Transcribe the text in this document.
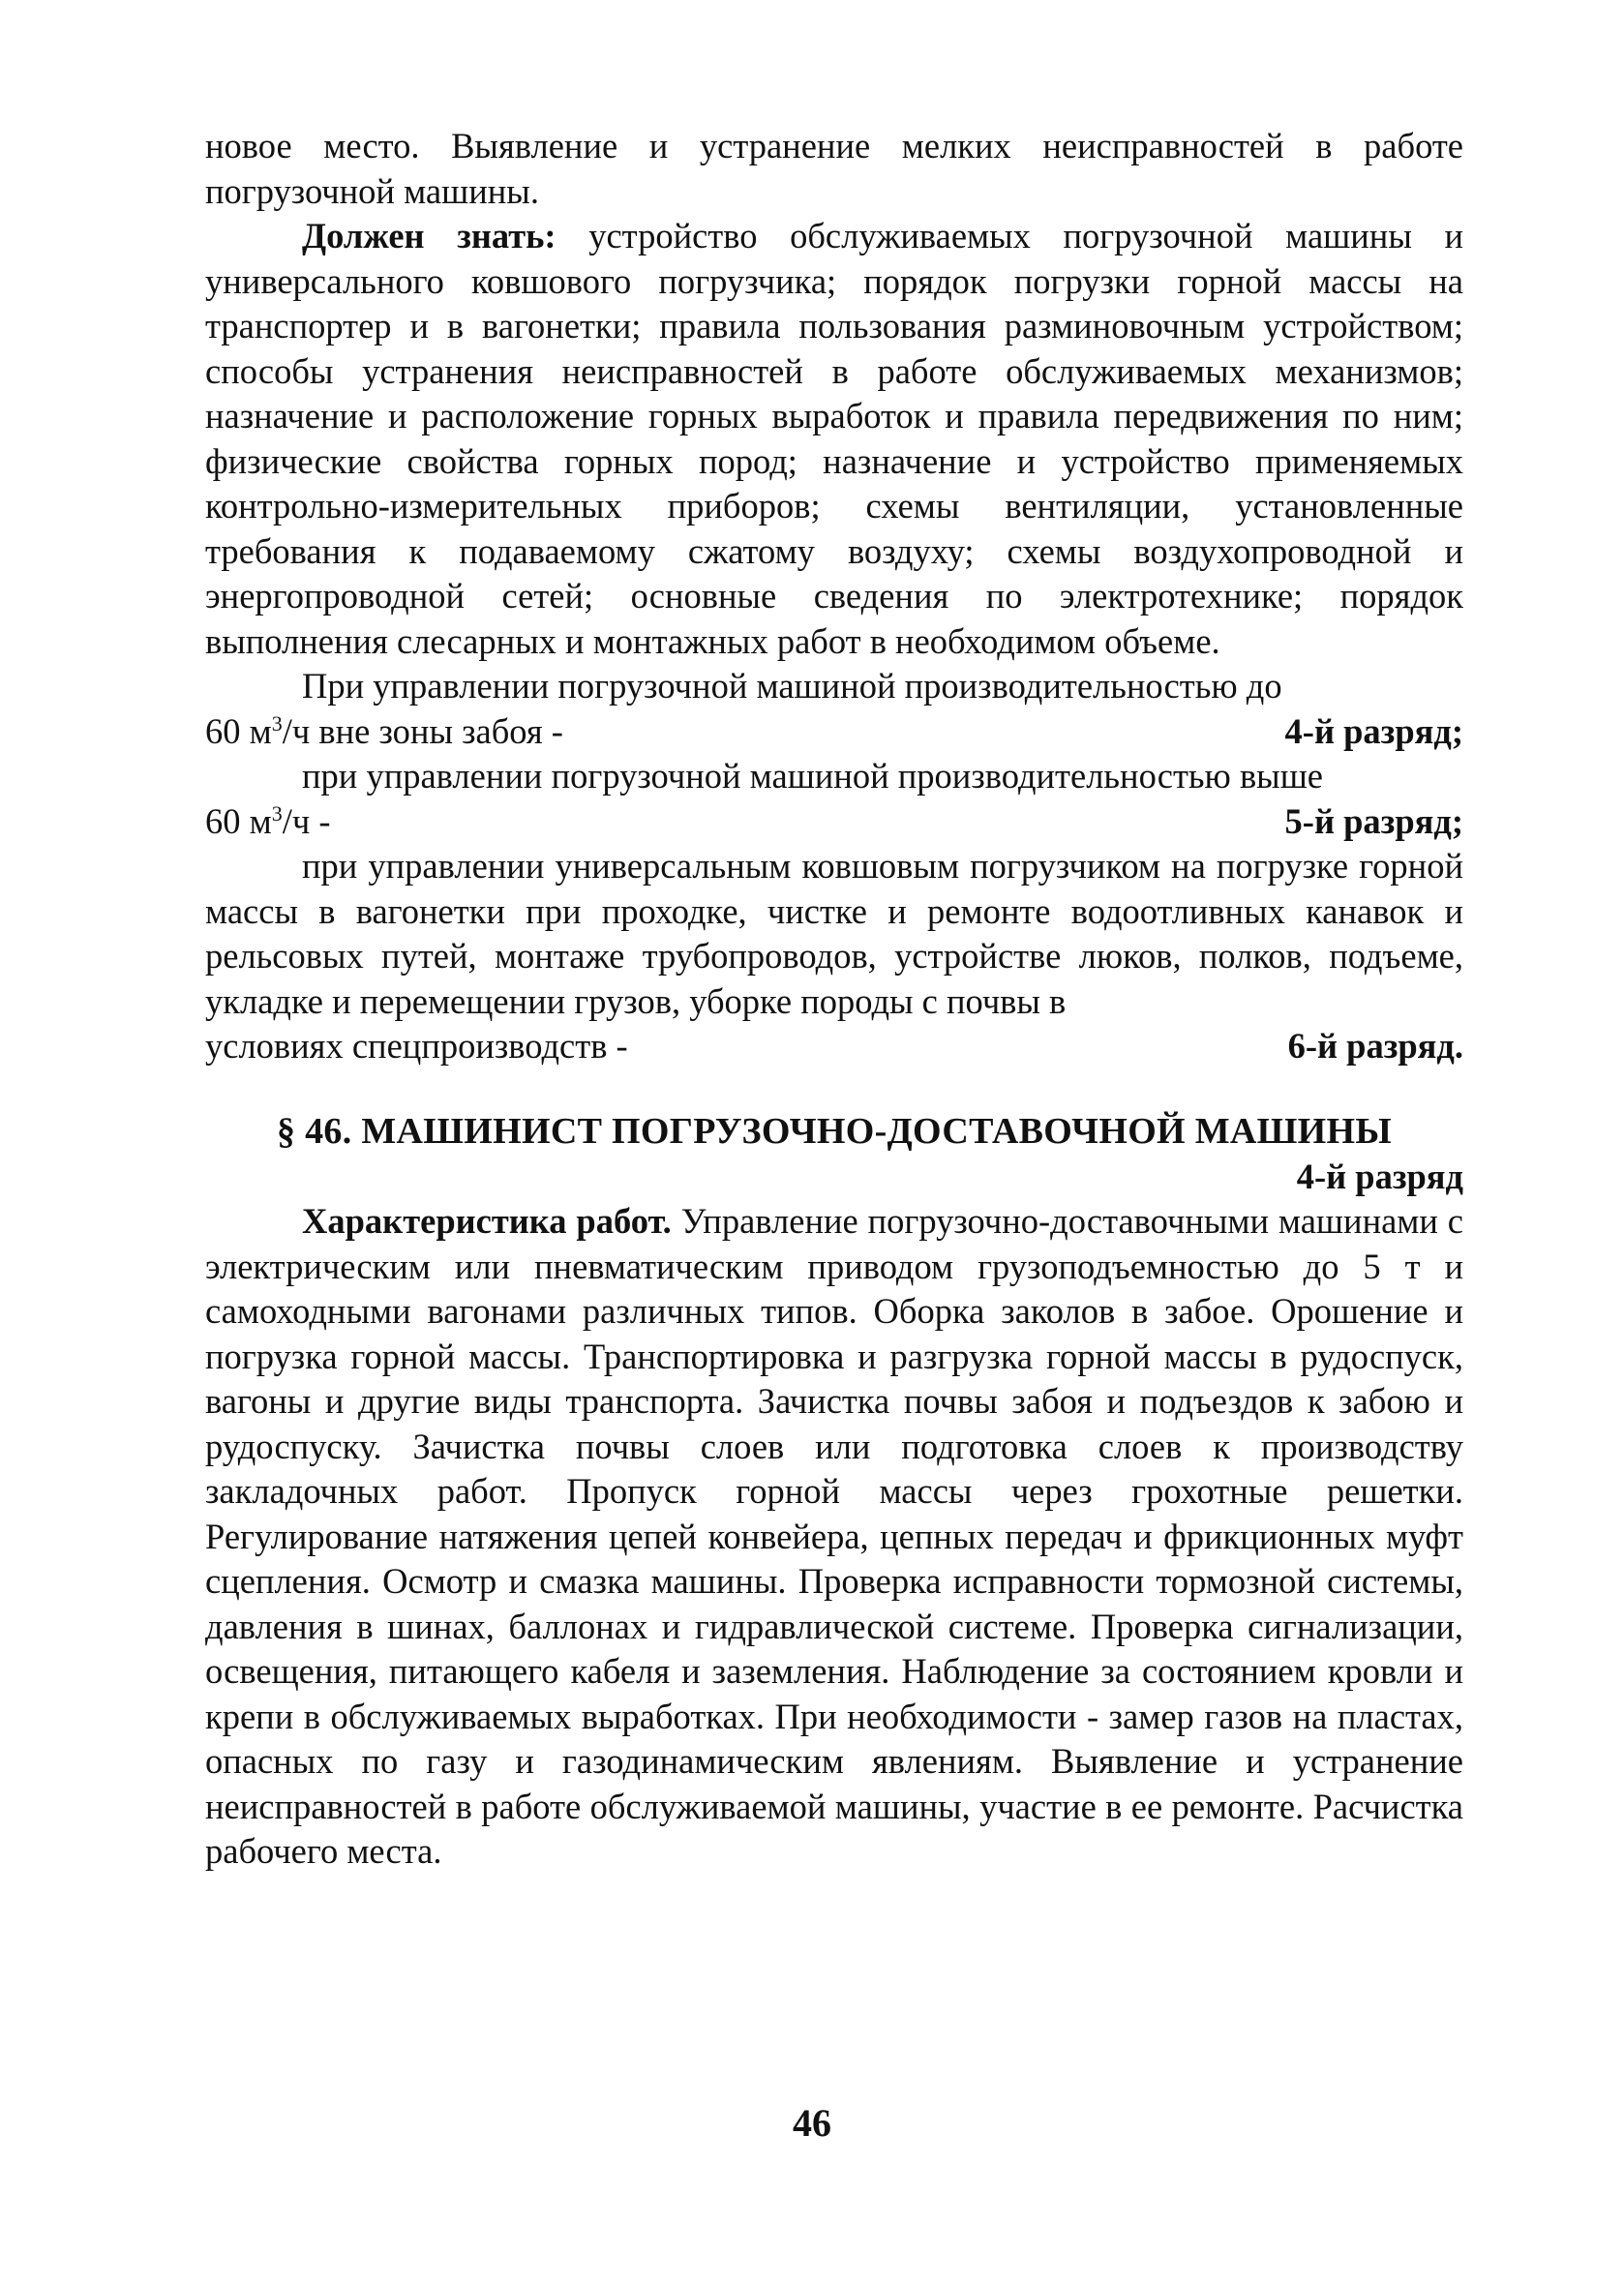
новое место. Выявление и устранение мелких неисправностей в работе погрузочной машины.

Должен знать: устройство обслуживаемых погрузочной машины и универсального ковшового погрузчика; порядок погрузки горной массы на транспортер и в вагонетки; правила пользования разминовочным устройством; способы устранения неисправностей в работе обслуживаемых механизмов; назначение и расположение горных выработок и правила передвижения по ним; физические свойства горных пород; назначение и устройство применяемых контрольно-измерительных приборов; схемы вентиляции, установленные требования к подаваемому сжатому воздуху; схемы воздухопроводной и энергопроводной сетей; основные сведения по электротехнике; порядок выполнения слесарных и монтажных работ в необходимом объеме.

При управлении погрузочной машиной производительностью до

60 $м^3/ч$ вне зоны забоя -	4-й разряд;

при управлении погрузочной машиной производительностью выше

60 $м^3/ч$ -	5-й разряд;

при управлении универсальным ковшовым погрузчиком на погрузке горной массы в вагонетки при проходке, чистке и ремонте водоотливных канавок и рельсовых путей, монтаже трубопроводов, устройстве люков, полков, подъеме, укладке и перемещении грузов, уборке породы с почвы в

условиях спецпроизводств -	6-й разряд.
§ 46. МАШИНИСТ ПОГРУЗОЧНО-ДОСТАВОЧНОЙ МАШИНЫ
4-й разряд

Характеристика работ. Управление погрузочно-доставочными машинами с электрическим или пневматическим приводом грузоподъемностью до 5 т и самоходными вагонами различных типов. Оборка заколов в забое. Орошение и погрузка горной массы. Транспортировка и разгрузка горной массы в рудоспуск, вагоны и другие виды транспорта. Зачистка почвы забоя и подъездов к забою и рудоспуску. Зачистка почвы слоев или подготовка слоев к производству закладочных работ. Пропуск горной массы через грохотные решетки. Регулирование натяжения цепей конвейера, цепных передач и фрикционных муфт сцепления. Осмотр и смазка машины. Проверка исправности тормозной системы, давления в шинах, баллонах и гидравлической системе. Проверка сигнализации, освещения, питающего кабеля и заземления. Наблюдение за состоянием кровли и крепи в обслуживаемых выработках. При необходимости - замер газов на пластах, опасных по газу и газодинамическим явлениям. Выявление и устранение неисправностей в работе обслуживаемой машины, участие в ее ремонте. Расчистка рабочего места.

46
